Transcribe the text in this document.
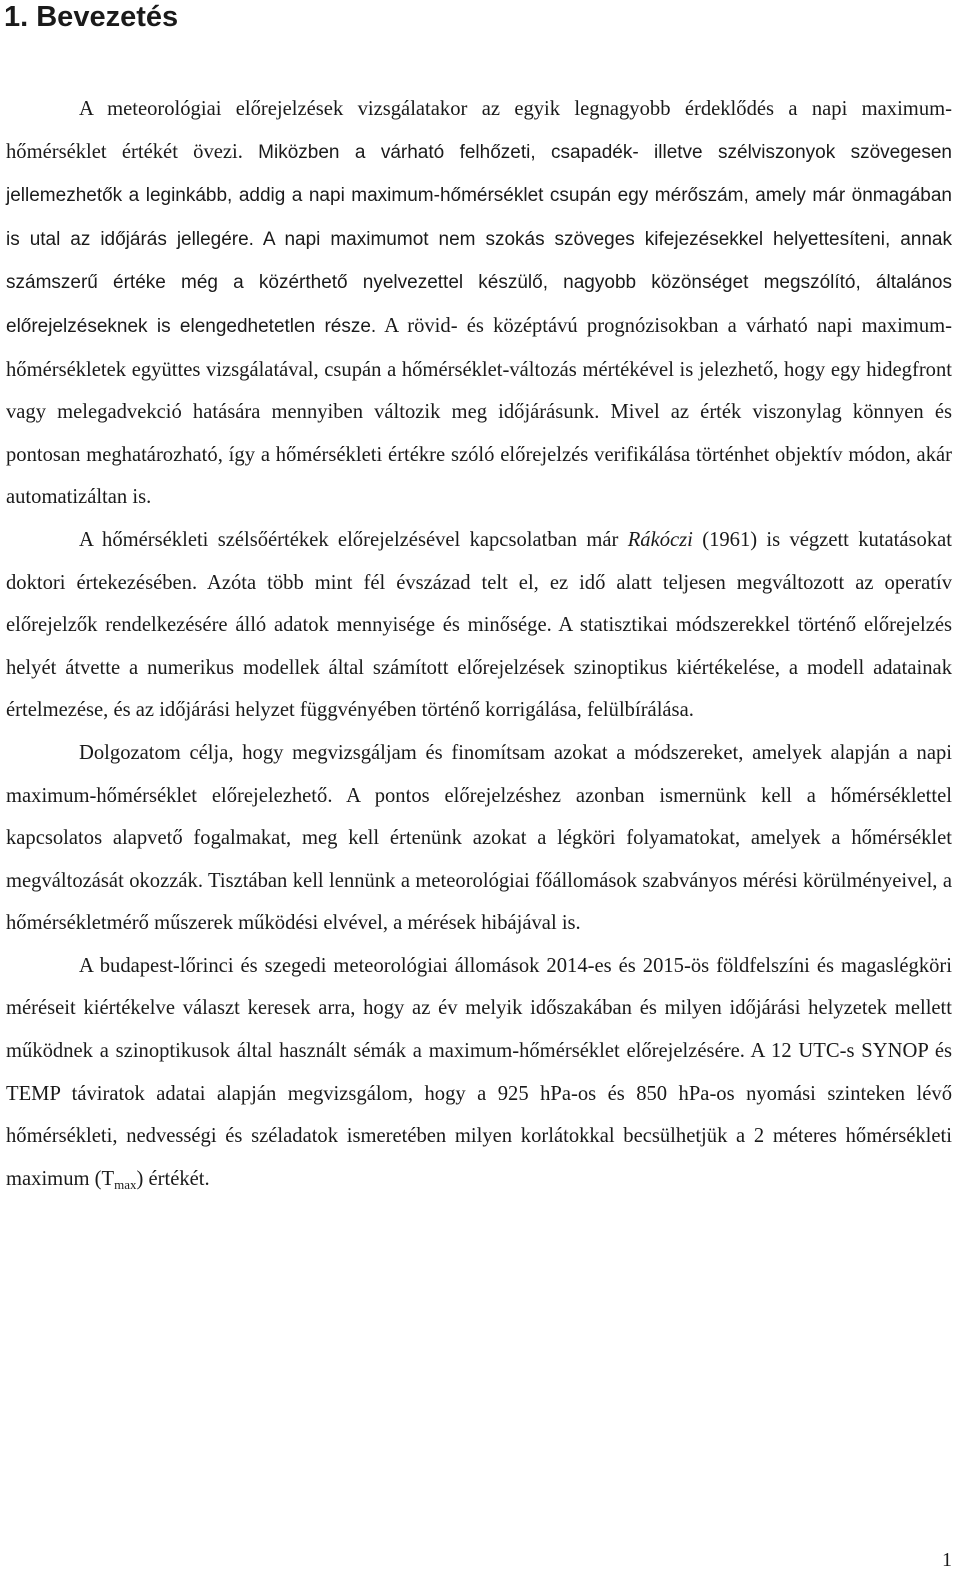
1. Bevezetés

A meteorológiai előrejelzések vizsgálatakor az egyik legnagyobb érdeklődés a napi maximum-hőmérséklet értékét övezi. Miközben a várható felhőzeti, csapadék- illetve szélviszonyok szövegesen jellemezhetők a leginkább, addig a napi maximum-hőmérséklet csupán egy mérőszám, amely már önmagában is utal az időjárás jellegére. A napi maximumot nem szokás szöveges kifejezésekkel helyettesíteni, annak számszerű értéke még a közérthető nyelvezettel készülő, nagyobb közönséget megszólító, általános előrejelzéseknek is elengedhetetlen része. A rövid- és középtávú prognózisokban a várható napi maximum-hőmérsékletek együttes vizsgálatával, csupán a hőmérséklet-változás mértékével is jelezhető, hogy egy hidegfront vagy melegadvekció hatására mennyiben változik meg időjárásunk. Mivel az érték viszonylag könnyen és pontosan meghatározható, így a hőmérsékleti értékre szóló előrejelzés verifikálása történhet objektív módon, akár automatizáltan is.

A hőmérsékleti szélsőértékek előrejelzésével kapcsolatban már Rákóczi (1961) is végzett kutatásokat doktori értekezésében. Azóta több mint fél évszázad telt el, ez idő alatt teljesen megváltozott az operatív előrejelzők rendelkezésére álló adatok mennyisége és minősége. A statisztikai módszerekkel történő előrejelzés helyét átvette a numerikus modellek által számított előrejelzések szinoptikus kiértékelése, a modell adatainak értelmezése, és az időjárási helyzet függvényében történő korrigálása, felülbírálása.

Dolgozatom célja, hogy megvizsgáljam és finomítsam azokat a módszereket, amelyek alapján a napi maximum-hőmérséklet előrejelezhető. A pontos előrejelzéshez azonban ismernünk kell a hőmérséklettel kapcsolatos alapvető fogalmakat, meg kell értenünk azokat a légköri folyamatokat, amelyek a hőmérséklet megváltozását okozzák. Tisztában kell lennünk a meteorológiai főállomások szabványos mérési körülményeivel, a hőmérsékletmérő műszerek működési elvével, a mérések hibájával is.

A budapest-lőrinci és szegedi meteorológiai állomások 2014-es és 2015-ös földfelszíni és magaslégköri méréseit kiértékelve választ keresek arra, hogy az év melyik időszakában és milyen időjárási helyzetek mellett működnek a szinoptikusok által használt sémák a maximum-hőmérséklet előrejelzésére. A 12 UTC-s SYNOP és TEMP táviratok adatai alapján megvizsgálom, hogy a 925 hPa-os és 850 hPa-os nyomási szinteken lévő hőmérsékleti, nedvességi és széladatok ismeretében milyen korlátokkal becsülhetjük a 2 méteres hőmérsékleti maximum $(T_{max})$ értékét.

1
